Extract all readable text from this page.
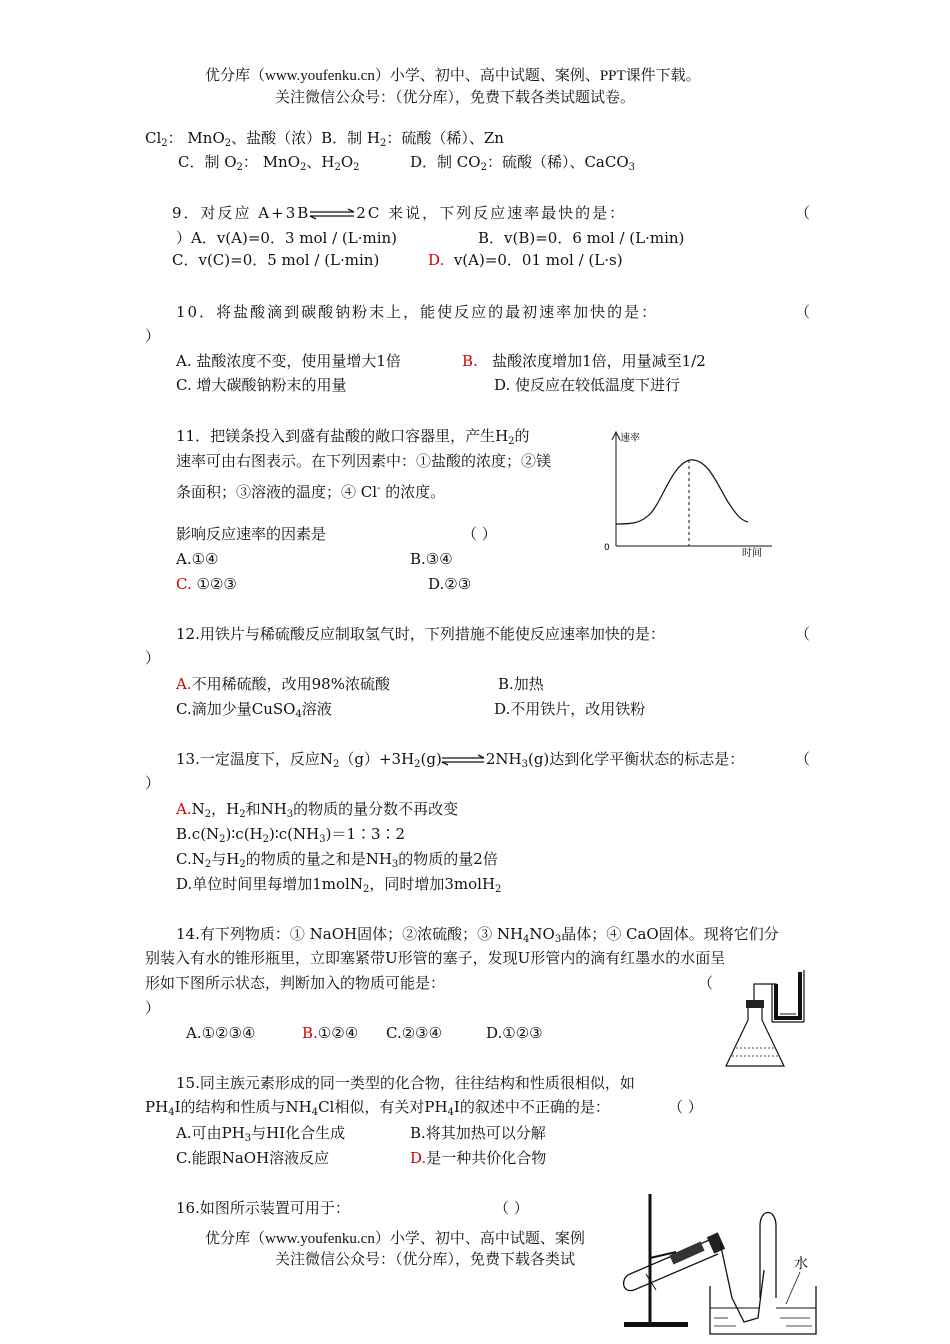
优分库（www.youfenku.cn）小学、初中、高中试题、案例、PPT课件下载。
关注微信公众号：（优分库），免费下载各类试题试卷。
$Cl_2$： MnO$_2$、盐酸（浓）B．制 $H_2$：硫酸（稀）、Zn
C．制 $O_2$： MnO$_2$、$H_2O_2$	D．制 $CO_2$：硫酸（稀）、CaCO$_3$
9．对反应 A+3B⇌2C 来说，下列反应速率最快的是：	（
）A．v(A)=0．3 mol / (L·min)	B．v(B)=0．6 mol / (L·min)
C．v(C)=0．5 mol / (L·min)	D. v(A)=0．01 mol / (L·s)
10．将盐酸滴到碳酸钠粉末上，能使反应的最初速率加快的是：	（
）
A. 盐酸浓度不变，使用量增大1倍	B. 盐酸浓度增加1倍，用量减至1/2
C. 增大碳酸钠粉末的用量	D. 使反应在较低温度下进行
11．把镁条投入到盛有盐酸的敞口容器里，产生$H_2$的
速率可由右图表示。在下列因素中：①盐酸的浓度；②镁
条面积；③溶液的温度；④ Cl- 的浓度。
影响反应速率的因素是	（ ）
A.①④	B.③④
C. ①②③	D.②③
速率
时间
0
12.用铁片与稀硫酸反应制取氢气时，下列措施不能使反应速率加快的是：	（
）
A.不用稀硫酸，改用98%浓硫酸	B.加热
C.滴加少量CuSO$_4$溶液	D.不用铁片，改用铁粉
13.一定温度下，反应$N_2(g)+3H_2(g)\rightleftharpoons 2NH_3(g)$达到化学平衡状态的标志是：	（
）
$A.N_2$，$H_2$和$NH_3$的物质的量分数不再改变
$B.c(N_2)∶c(H_2)∶c(NH_3)=1∶3∶2$
$C.N_2$与$H_2$的物质的量之和是$NH_3$的物质的量2倍
D.单位时间里每增加1molN$_2$，同时增加3molH$_2$
14.有下列物质：① NaOH固体；②浓硫酸；③ $NH_4NO_3$晶体；④ CaO固体。现将它们分
别装入有水的锥形瓶里，立即塞紧带U形管的塞子，发现U形管内的滴有红墨水的水面呈
形如下图所示状态，判断加入的物质可能是：	（
）
A.①②③④	B.①②④ C.②③④	D.①②③
15.同主族元素形成的同一类型的化合物，往往结构和性质很相似，如
$PH_4I$的结构和性质与$NH_4Cl$相似，有关对$PH_4I$的叙述中不正确的是：	（ ）
A.可由$PH_3$与HI化合生成	B.将其加热可以分解
C.能跟NaOH溶液反应	D.是一种共价化合物
16.如图所示装置可用于：	（ ）
优分库（www.youfenku.cn）小学、初中、高中试题、案例
关注微信公众号：（优分库），免费下载各类试	水
